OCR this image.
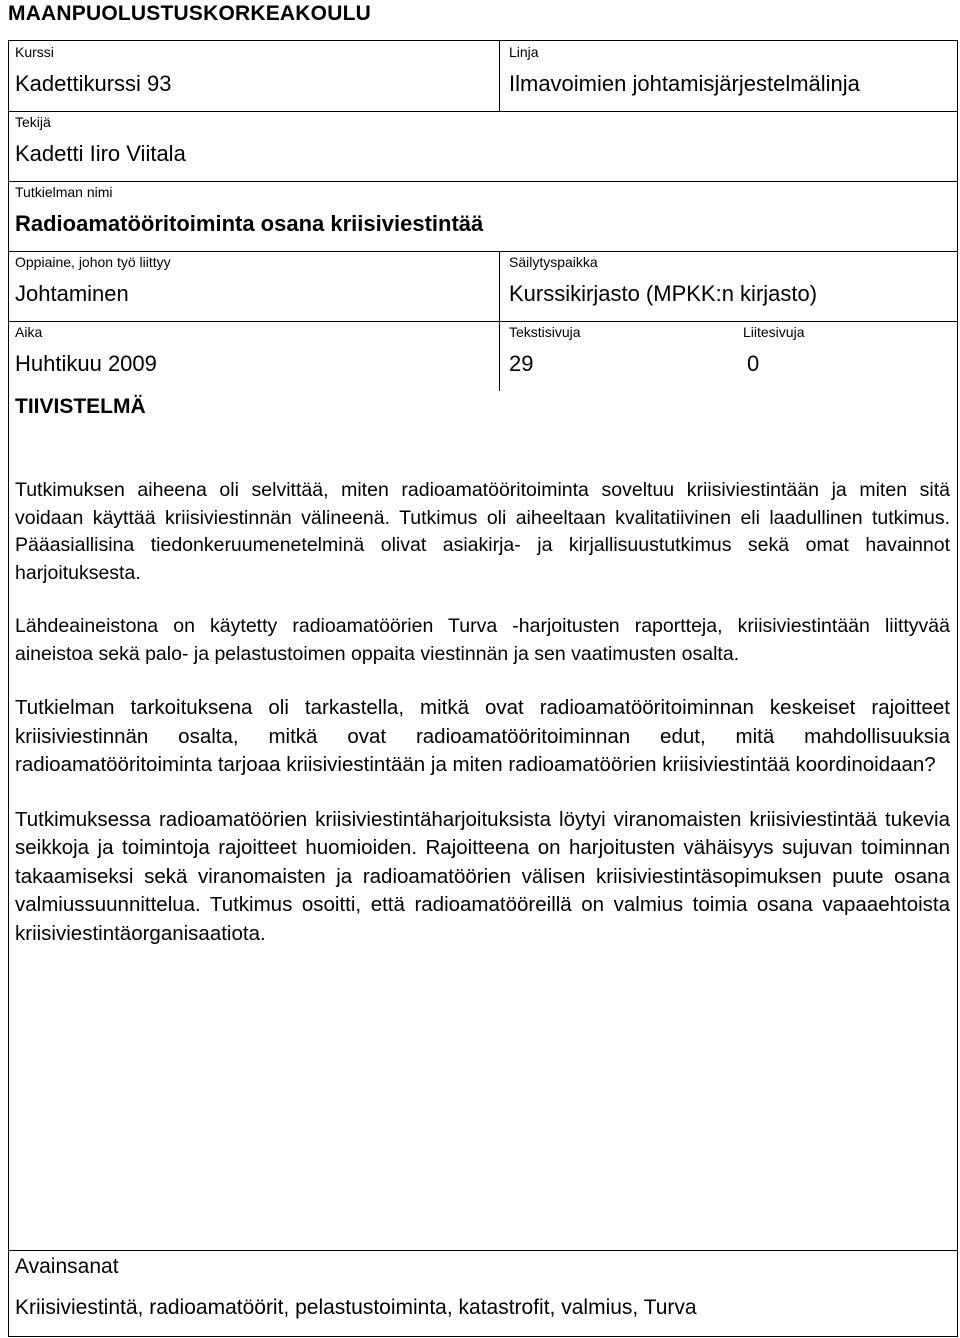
MAANPUOLUSTUSKORKEAKOULU
Kurssi
Kadettikurssi 93
Linja
Ilmavoimien johtamisjärjestelmälinja
Tekijä
Kadetti Iiro Viitala
Tutkielman nimi
Radioamatööritoiminta osana kriisiviestintää
Oppiaine, johon työ liittyy
Johtaminen
Säilytyspaikka
Kurssikirjasto (MPKK:n kirjasto)
Aika
Huhtikuu 2009
Tekstisivuja
29
Liitesivuja
0
TIIVISTELMÄ

Tutkimuksen aiheena oli selvittää, miten radioamatööritoiminta soveltuu kriisiviestintään ja miten sitä voidaan käyttää kriisiviestinnän välineenä. Tutkimus oli aiheeltaan kvalitatiivinen eli laadullinen tutkimus. Pääasiallisina tiedonkeruumenetelminä olivat asiakirja- ja kirjallisuustutkimus sekä omat havainnot harjoituksesta.

Lähdeaineistona on käytetty radioamatöörien Turva -harjoitusten raportteja, kriisiviestintään liittyvää aineistoa sekä palo- ja pelastustoimen oppaita viestinnän ja sen vaatimusten osalta.

Tutkielman tarkoituksena oli tarkastella, mitkä ovat radioamatööritoiminnan keskeiset rajoitteet kriisiviestinnän osalta, mitkä ovat radioamatööritoiminnan edut, mitä mahdollisuuksia radioamatööritoiminta tarjoaa kriisiviestintään ja miten radioamatöörien kriisiviestintää koordinoidaan?

Tutkimuksessa radioamatöörien kriisiviestintäharjoituksista löytyi viranomaisten kriisiviestintää tukevia seikkoja ja toimintoja rajoitteet huomioiden. Rajoitteena on harjoitusten vähäisyys sujuvan toiminnan takaamiseksi sekä viranomaisten ja radioamatöörien välisen kriisiviestintäsopimuksen puute osana valmiussuunnittelua. Tutkimus osoitti, että radioamatööreillä on valmius toimia osana vapaaehtoista kriisiviestintäorganisaatiota.

Avainsanat
Kriisiviestintä, radioamatöörit, pelastustoiminta, katastrofit, valmius, Turva
